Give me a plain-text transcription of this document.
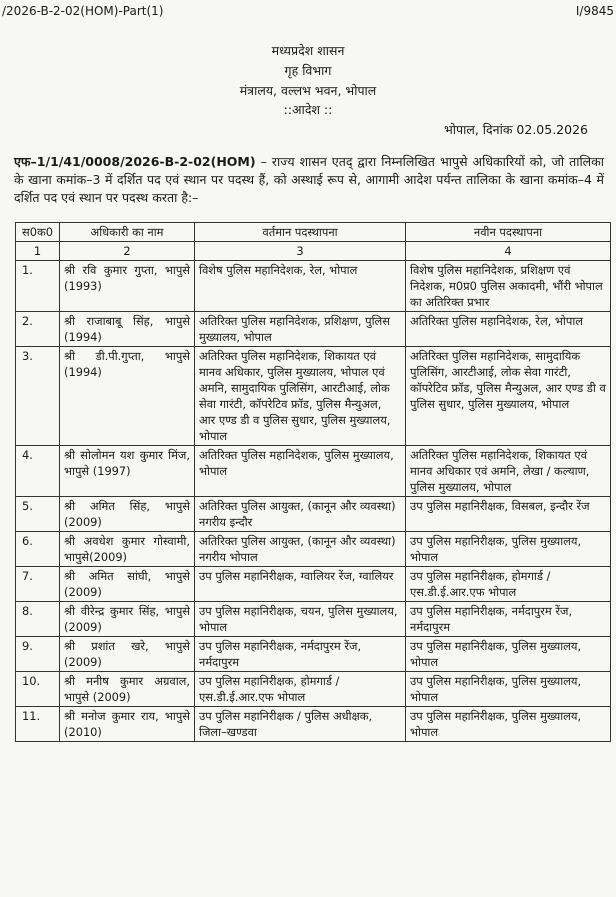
/2026-B-2-02(HOM)-Part(1)	I/9845
मध्यप्रदेश शासन
गृह विभाग
मंत्रालय, वल्लभ भवन, भोपाल
::आदेश ::
भोपाल, दिनांक 02.05.2026
एफ–1/1/41/0008/2026-B-2-02(HOM) – राज्य शासन एतद् द्वारा निम्नलिखित भापुसे अधिकारियों को, जो तालिका के खाना कमांक–3 में दर्शित पद एवं स्थान पर पदस्थ हैं, को अस्थाई रूप से, आगामी आदेश पर्यन्त तालिका के खाना कमांक–4 में दर्शित पद एवं स्थान पर पदस्थ करता है:–
स0क0	अधिकारी का नाम	वर्तमान पदस्थापना	नवीन पदस्थापना
1	2	3	4
1.	श्री रवि कुमार गुप्ता, भापुसे (1993)	विशेष पुलिस महानिदेशक, रेल, भोपाल	विशेष पुलिस महानिदेशक, प्रशिक्षण एवं निदेशक, म0प्र0 पुलिस अकादमी, भौंरी भोपाल का अतिरिक्त प्रभार
2.	श्री राजाबाबू सिंह, भापुसे (1994)	अतिरिक्त पुलिस महानिदेशक, प्रशिक्षण, पुलिस मुख्यालय, भोपाल	अतिरिक्त पुलिस महानिदेशक, रेल, भोपाल
3.	श्री डी.पी.गुप्ता, भापुसे (1994)	अतिरिक्त पुलिस महानिदेशक, शिकायत एवं मानव अधिकार, पुलिस मुख्यालय, भोपाल एवं अमनि, सामुदायिक पुलिसिंग, आरटीआई, लोक सेवा गारंटी, कॉपरेटिव फ्रॉड, पुलिस मैन्युअल, आर एण्ड डी व पुलिस सुधार, पुलिस मुख्यालय, भोपाल	अतिरिक्त पुलिस महानिदेशक, सामुदायिक पुलिसिंग, आरटीआई, लोक सेवा गारंटी, कॉपरेटिव फ्रॉड, पुलिस मैन्युअल, आर एण्ड डी व पुलिस सुधार, पुलिस मुख्यालय, भोपाल
4.	श्री सोलोमन यश कुमार मिंज, भापुसे (1997)	अतिरिक्त पुलिस महानिदेशक, पुलिस मुख्यालय, भोपाल	अतिरिक्त पुलिस महानिदेशक, शिकायत एवं मानव अधिकार एवं अमनि, लेखा / कल्याण, पुलिस मुख्यालय, भोपाल
5.	श्री अमित सिंह, भापुसे (2009)	अतिरिक्त पुलिस आयुक्त, (कानून और व्यवस्था) नगरीय इन्दौर	उप पुलिस महानिरीक्षक, विसबल, इन्दौर रेंज
6.	श्री अवधेश कुमार गोस्वामी, भापुसे(2009)	अतिरिक्त पुलिस आयुक्त, (कानून और व्यवस्था) नगरीय भोपाल	उप पुलिस महानिरीक्षक, पुलिस मुख्यालय, भोपाल
7.	श्री अमित सांघी, भापुसे (2009)	उप पुलिस महानिरीक्षक, ग्वालियर रेंज, ग्वालियर	उप पुलिस महानिरीक्षक, होमगार्ड / एस.डी.ई.आर.एफ भोपाल
8.	श्री वीरेन्द्र कुमार सिंह, भापुसे (2009)	उप पुलिस महानिरीक्षक, चयन, पुलिस मुख्यालय, भोपाल	उप पुलिस महानिरीक्षक, नर्मदापुरम रेंज, नर्मदापुरम
9.	श्री प्रशांत खरे, भापुसे (2009)	उप पुलिस महानिरीक्षक, नर्मदापुरम रेंज, नर्मदापुरम	उप पुलिस महानिरीक्षक, पुलिस मुख्यालय, भोपाल
10.	श्री मनीष कुमार अग्रवाल, भापुसे (2009)	उप पुलिस महानिरीक्षक, होमगार्ड / एस.डी.ई.आर.एफ भोपाल	उप पुलिस महानिरीक्षक, पुलिस मुख्यालय, भोपाल
11.	श्री मनोज कुमार राय, भापुसे (2010)	उप पुलिस महानिरीक्षक / पुलिस अधीक्षक, जिला–खण्डवा	उप पुलिस महानिरीक्षक, पुलिस मुख्यालय, भोपाल
